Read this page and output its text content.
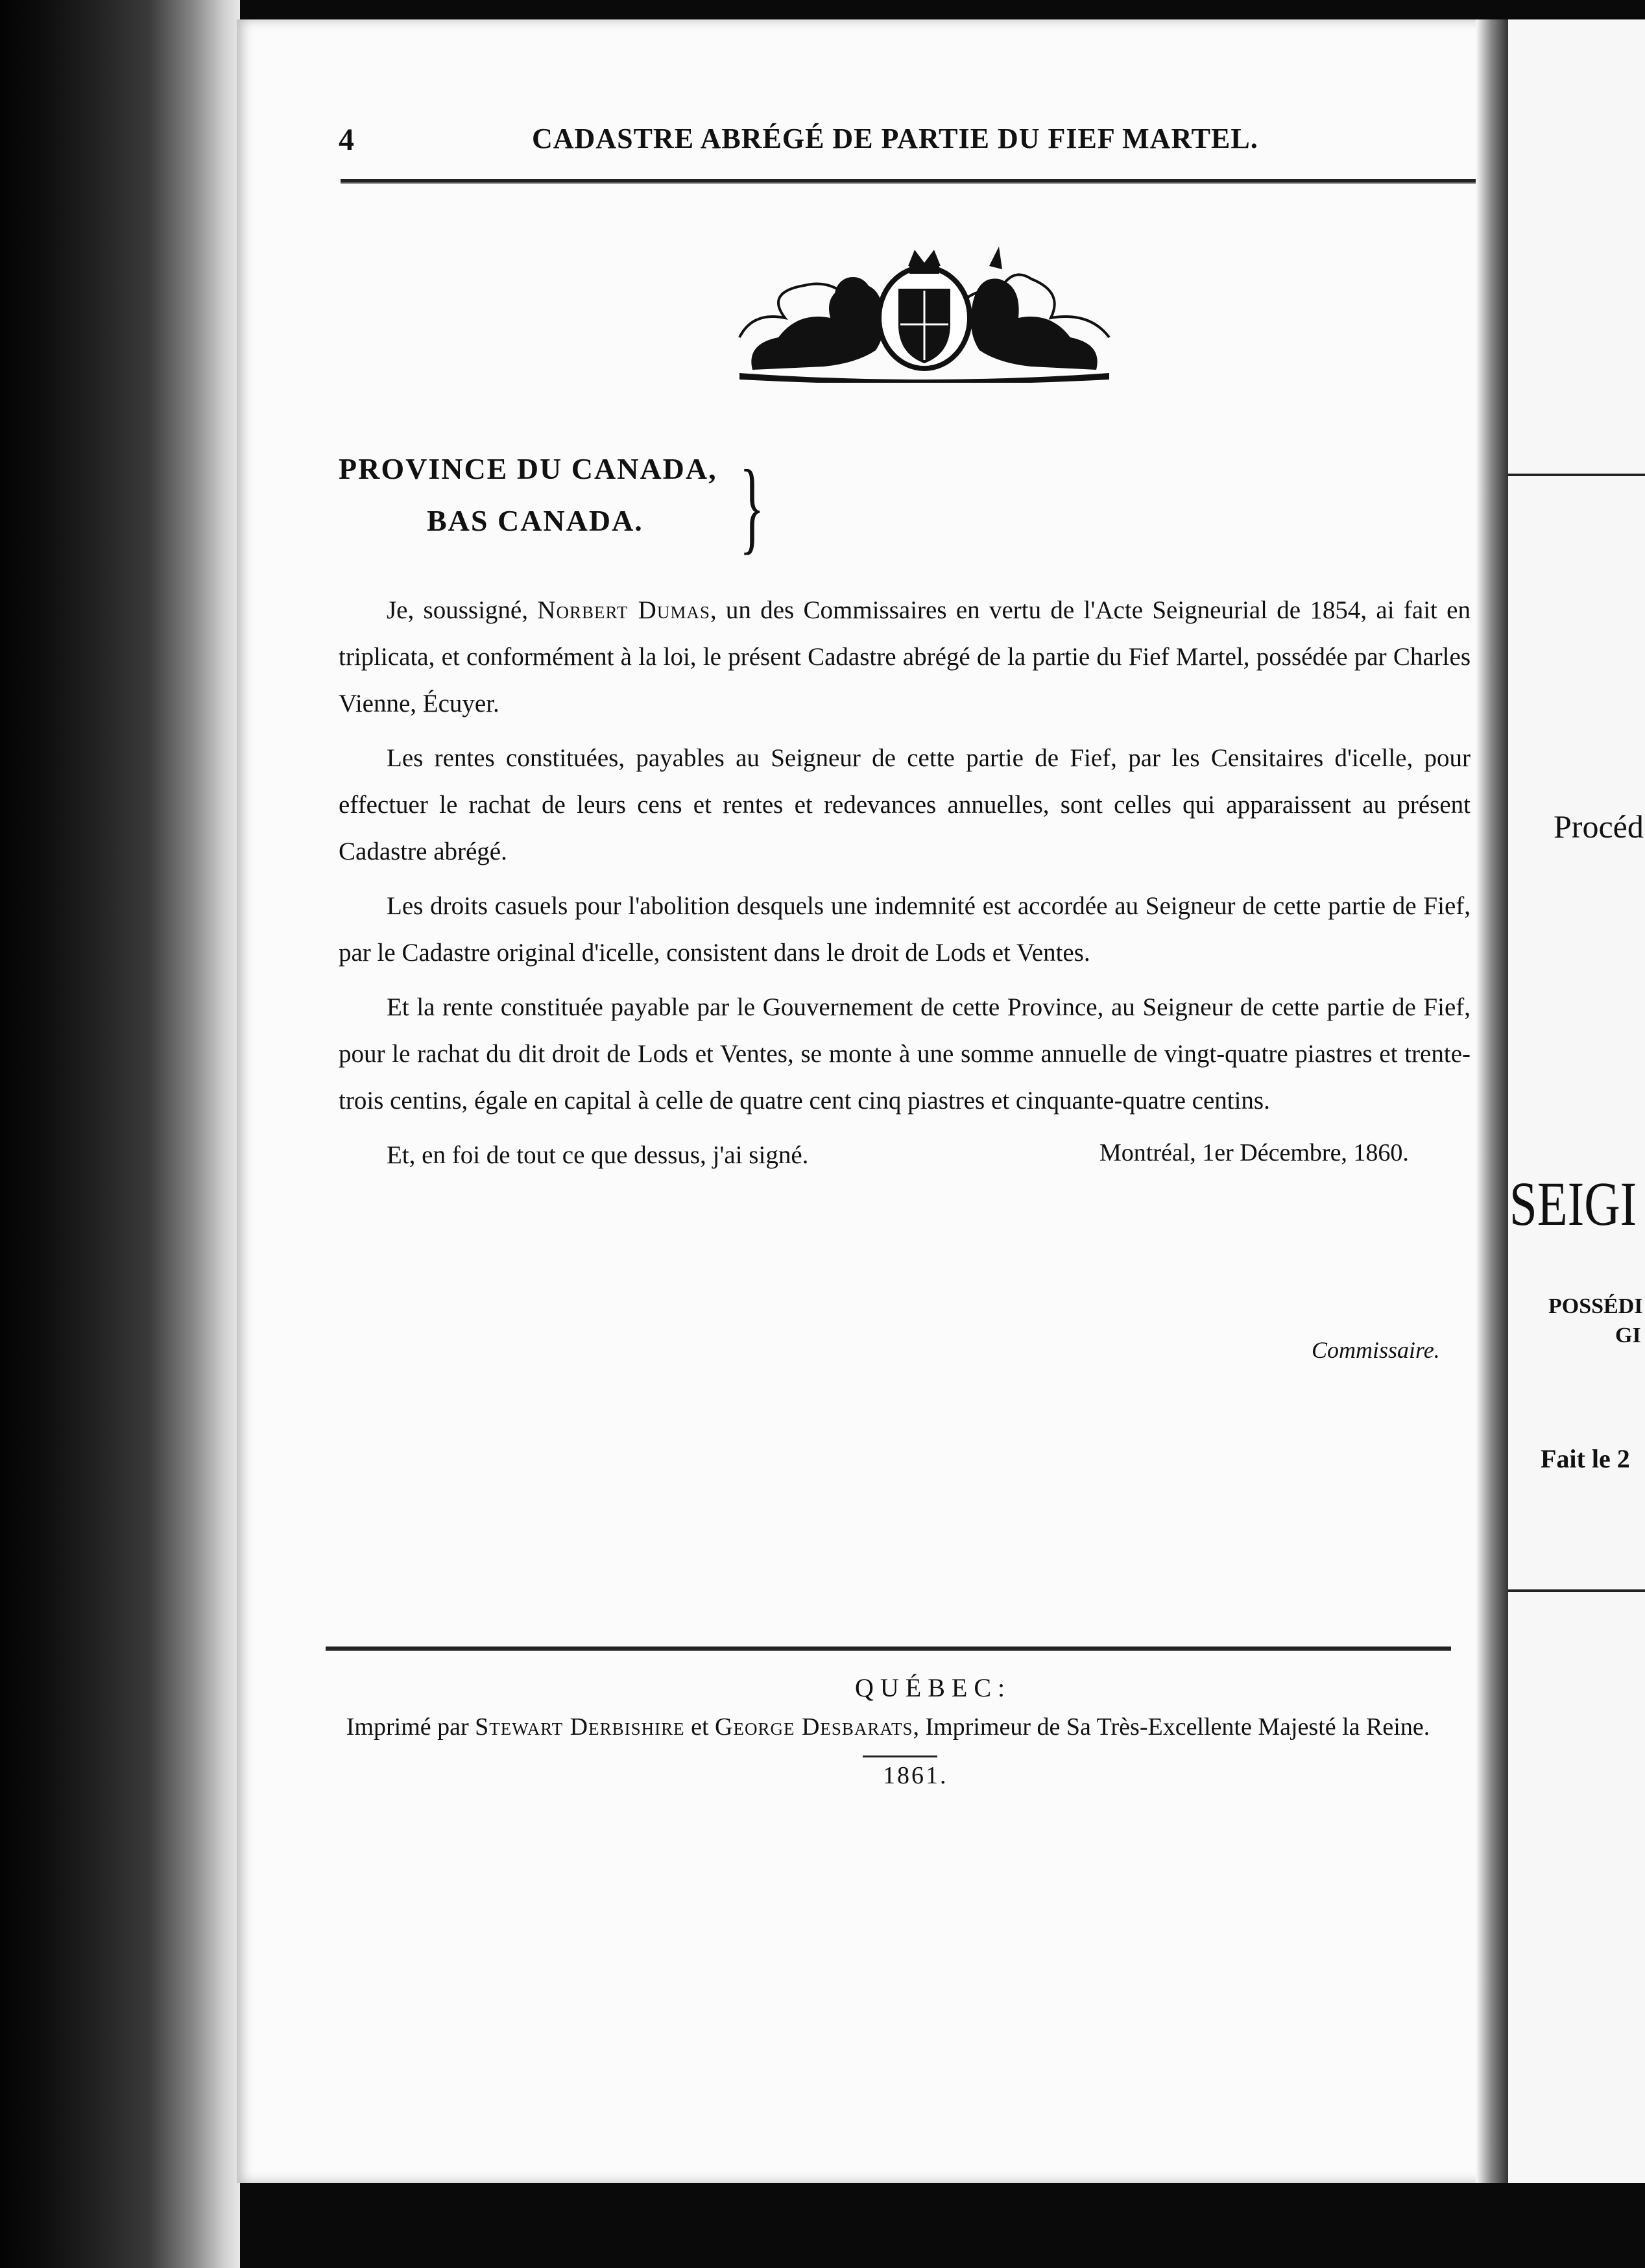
Procéd
SEIGI
POSSÉDI
GI
Fait le 2
4	CADASTRE ABRÉGÉ DE PARTIE DU FIEF MARTEL.
PROVINCE DU CANADA,
BAS CANADA. }

Je, soussigné, Norbert Dumas, un des Commissaires en vertu de l'Acte Seigneurial de 1854, ai fait en triplicata, et conformément à la loi, le présent Cadastre abrégé de la partie du Fief Martel, possédée par Charles Vienne, Écuyer.

Les rentes constituées, payables au Seigneur de cette partie de Fief, par les Censitaires d'icelle, pour effectuer le rachat de leurs cens et rentes et redevances annuelles, sont celles qui apparaissent au présent Cadastre abrégé.

Les droits casuels pour l'abolition desquels une indemnité est accordée au Seigneur de cette partie de Fief, par le Cadastre original d'icelle, consistent dans le droit de Lods et Ventes.

Et la rente constituée payable par le Gouvernement de cette Province, au Seigneur de cette partie de Fief, pour le rachat du dit droit de Lods et Ventes, se monte à une somme annuelle de vingt-quatre piastres et trente-trois centins, égale en capital à celle de quatre cent cinq piastres et cinquante-quatre centins.

Et, en foi de tout ce que dessus, j'ai signé.	Montréal, 1er Décembre, 1860.
Commissaire.
QUÉBEC:
Imprimé par Stewart Derbishire et George Desbarats, Imprimeur de Sa Très-Excellente Majesté la Reine.
1861.
